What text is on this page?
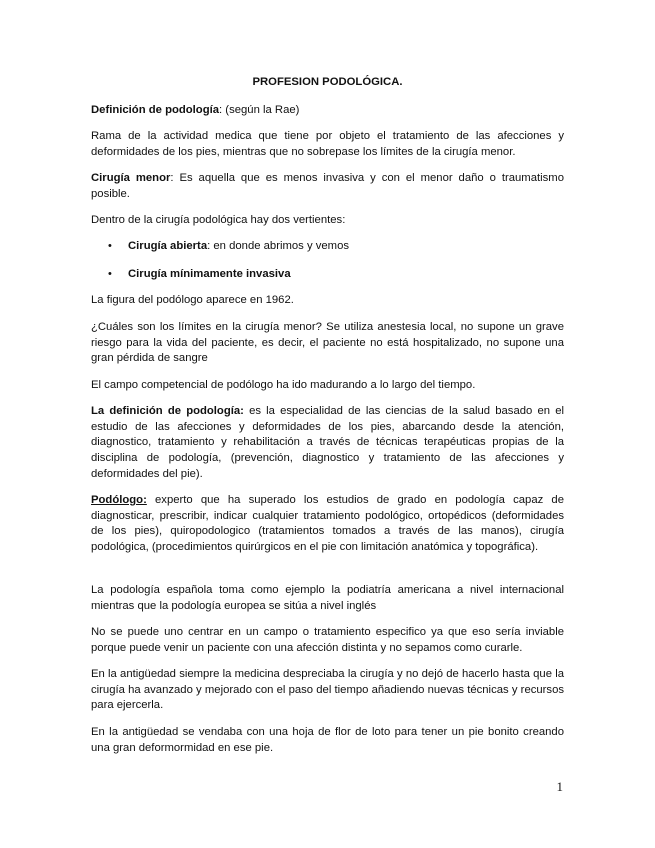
PROFESION PODOLÓGICA.
Definición de podología: (según la Rae)
Rama de la actividad medica que tiene por objeto el tratamiento de las afecciones y deformidades de los pies, mientras que no sobrepase los límites de la cirugía menor.
Cirugía menor: Es aquella que es menos invasiva y con el menor daño o traumatismo posible.
Dentro de la cirugía podológica hay dos vertientes:
• Cirugía abierta: en donde abrimos y vemos
• Cirugía mínimamente invasiva
La figura del podólogo aparece en 1962.
¿Cuáles son los límites en la cirugía menor? Se utiliza anestesia local, no supone un grave riesgo para la vida del paciente, es decir, el paciente no está hospitalizado, no supone una gran pérdida de sangre
El campo competencial de podólogo ha ido madurando a lo largo del tiempo.
La definición de podología: es la especialidad de las ciencias de la salud basado en el estudio de las afecciones y deformidades de los pies, abarcando desde la atención, diagnostico, tratamiento y rehabilitación a través de técnicas terapéuticas propias de la disciplina de podología, (prevención, diagnostico y tratamiento de las afecciones y deformidades del pie).
Podólogo: experto que ha superado los estudios de grado en podología capaz de diagnosticar, prescribir, indicar cualquier tratamiento podológico, ortopédicos (deformidades de los pies), quiropodologico (tratamientos tomados a través de las manos), cirugía podológica, (procedimientos quirúrgicos en el pie con limitación anatómica y topográfica).
La podología española toma como ejemplo la podiatría americana a nivel internacional mientras que la podología europea se sitúa a nivel inglés
No se puede uno centrar en un campo o tratamiento especifico ya que eso sería inviable porque puede venir un paciente con una afección distinta y no sepamos como curarle.
En la antigüedad siempre la medicina despreciaba la cirugía y no dejó de hacerlo hasta que la cirugía ha avanzado y mejorado con el paso del tiempo añadiendo nuevas técnicas y recursos para ejercerla.
En la antigüedad se vendaba con una hoja de flor de loto para tener un pie bonito creando una gran deformormidad en ese pie.
1
